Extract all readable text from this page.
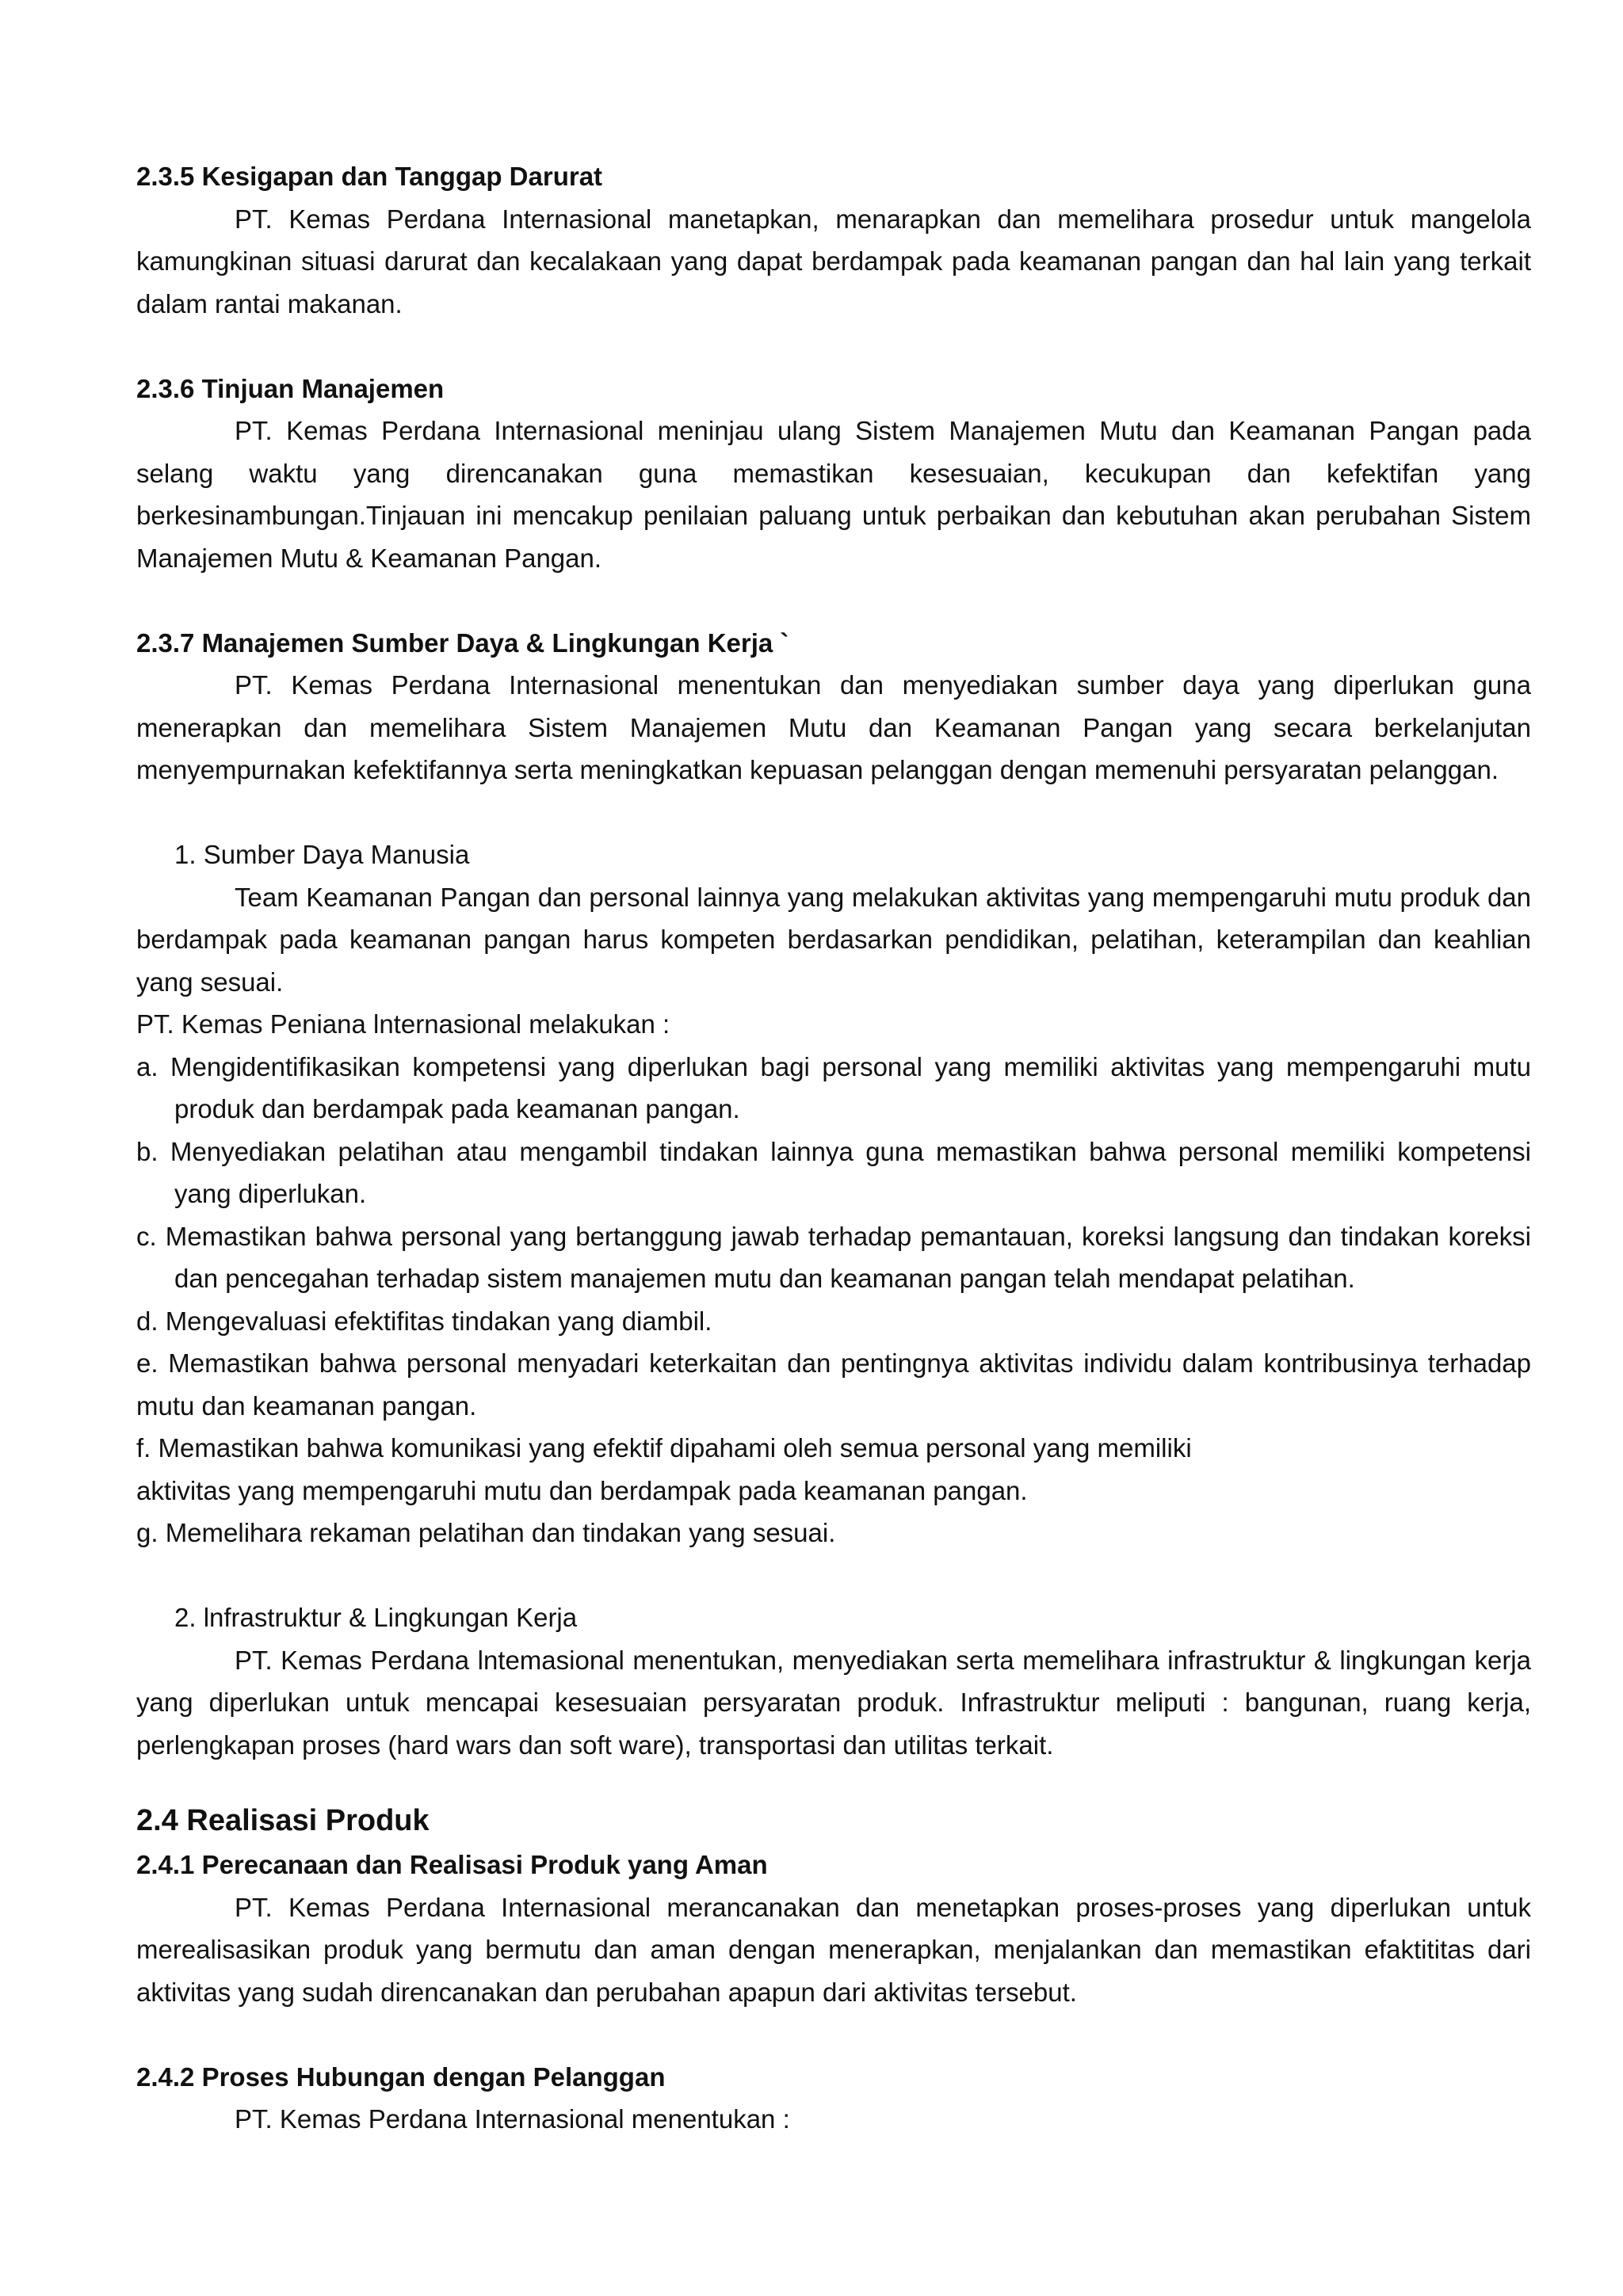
2.3.5 Kesigapan dan Tanggap Darurat

PT. Kemas Perdana Internasional manetapkan, menarapkan dan memelihara prosedur untuk mangelola kamungkinan situasi darurat dan kecalakaan yang dapat berdampak pada keamanan pangan dan hal lain yang terkait dalam rantai makanan.

2.3.6 Tinjuan Manajemen

PT. Kemas Perdana Internasional meninjau ulang Sistem Manajemen Mutu dan Keamanan Pangan pada selang waktu yang direncanakan guna memastikan kesesuaian, kecukupan dan kefektifan yang berkesinambungan.Tinjauan ini mencakup penilaian paluang untuk perbaikan dan kebutuhan akan perubahan Sistem Manajemen Mutu & Keamanan Pangan.

2.3.7 Manajemen Sumber Daya & Lingkungan Kerja `

PT. Kemas Perdana Internasional menentukan dan menyediakan sumber daya yang diperlukan guna menerapkan dan memelihara Sistem Manajemen Mutu dan Keamanan Pangan yang secara berkelanjutan menyempurnakan kefektifannya serta meningkatkan kepuasan pelanggan dengan memenuhi persyaratan pelanggan.

1. Sumber Daya Manusia

Team Keamanan Pangan dan personal lainnya yang melakukan aktivitas yang mempengaruhi mutu produk dan berdampak pada keamanan pangan harus kompeten berdasarkan pendidikan, pelatihan, keterampilan dan keahlian yang sesuai.

PT. Kemas Peniana lnternasional melakukan :

a. Mengidentifikasikan kompetensi yang diperlukan bagi personal yang memiliki aktivitas yang mempengaruhi mutu produk dan berdampak pada keamanan pangan.

b. Menyediakan pelatihan atau mengambil tindakan lainnya guna memastikan bahwa personal memiliki kompetensi yang diperlukan.

c. Memastikan bahwa personal yang bertanggung jawab terhadap pemantauan, koreksi langsung dan tindakan koreksi dan pencegahan terhadap sistem manajemen mutu dan keamanan pangan telah mendapat pelatihan.

d. Mengevaluasi efektifitas tindakan yang diambil.

e. Memastikan bahwa personal menyadari keterkaitan dan pentingnya aktivitas individu dalam kontribusinya terhadap mutu dan keamanan pangan.

f. Memastikan bahwa komunikasi yang efektif dipahami oleh semua personal yang memiliki

aktivitas yang mempengaruhi mutu dan berdampak pada keamanan pangan.

g. Memelihara rekaman pelatihan dan tindakan yang sesuai.

2. lnfrastruktur & Lingkungan Kerja

PT. Kemas Perdana lntemasional menentukan, menyediakan serta memelihara infrastruktur & lingkungan kerja yang diperlukan untuk mencapai kesesuaian persyaratan produk. Infrastruktur meliputi : bangunan, ruang kerja, perlengkapan proses (hard wars dan soft ware), transportasi dan utilitas terkait.

2.4 Realisasi Produk

2.4.1 Perecanaan dan Realisasi Produk yang Aman

PT. Kemas Perdana Internasional merancanakan dan menetapkan proses-proses yang diperlukan untuk merealisasikan produk yang bermutu dan aman dengan menerapkan, menjalankan dan memastikan efaktititas dari aktivitas yang sudah direncanakan dan perubahan apapun dari aktivitas tersebut.

2.4.2 Proses Hubungan dengan Pelanggan

PT. Kemas Perdana Internasional menentukan :
